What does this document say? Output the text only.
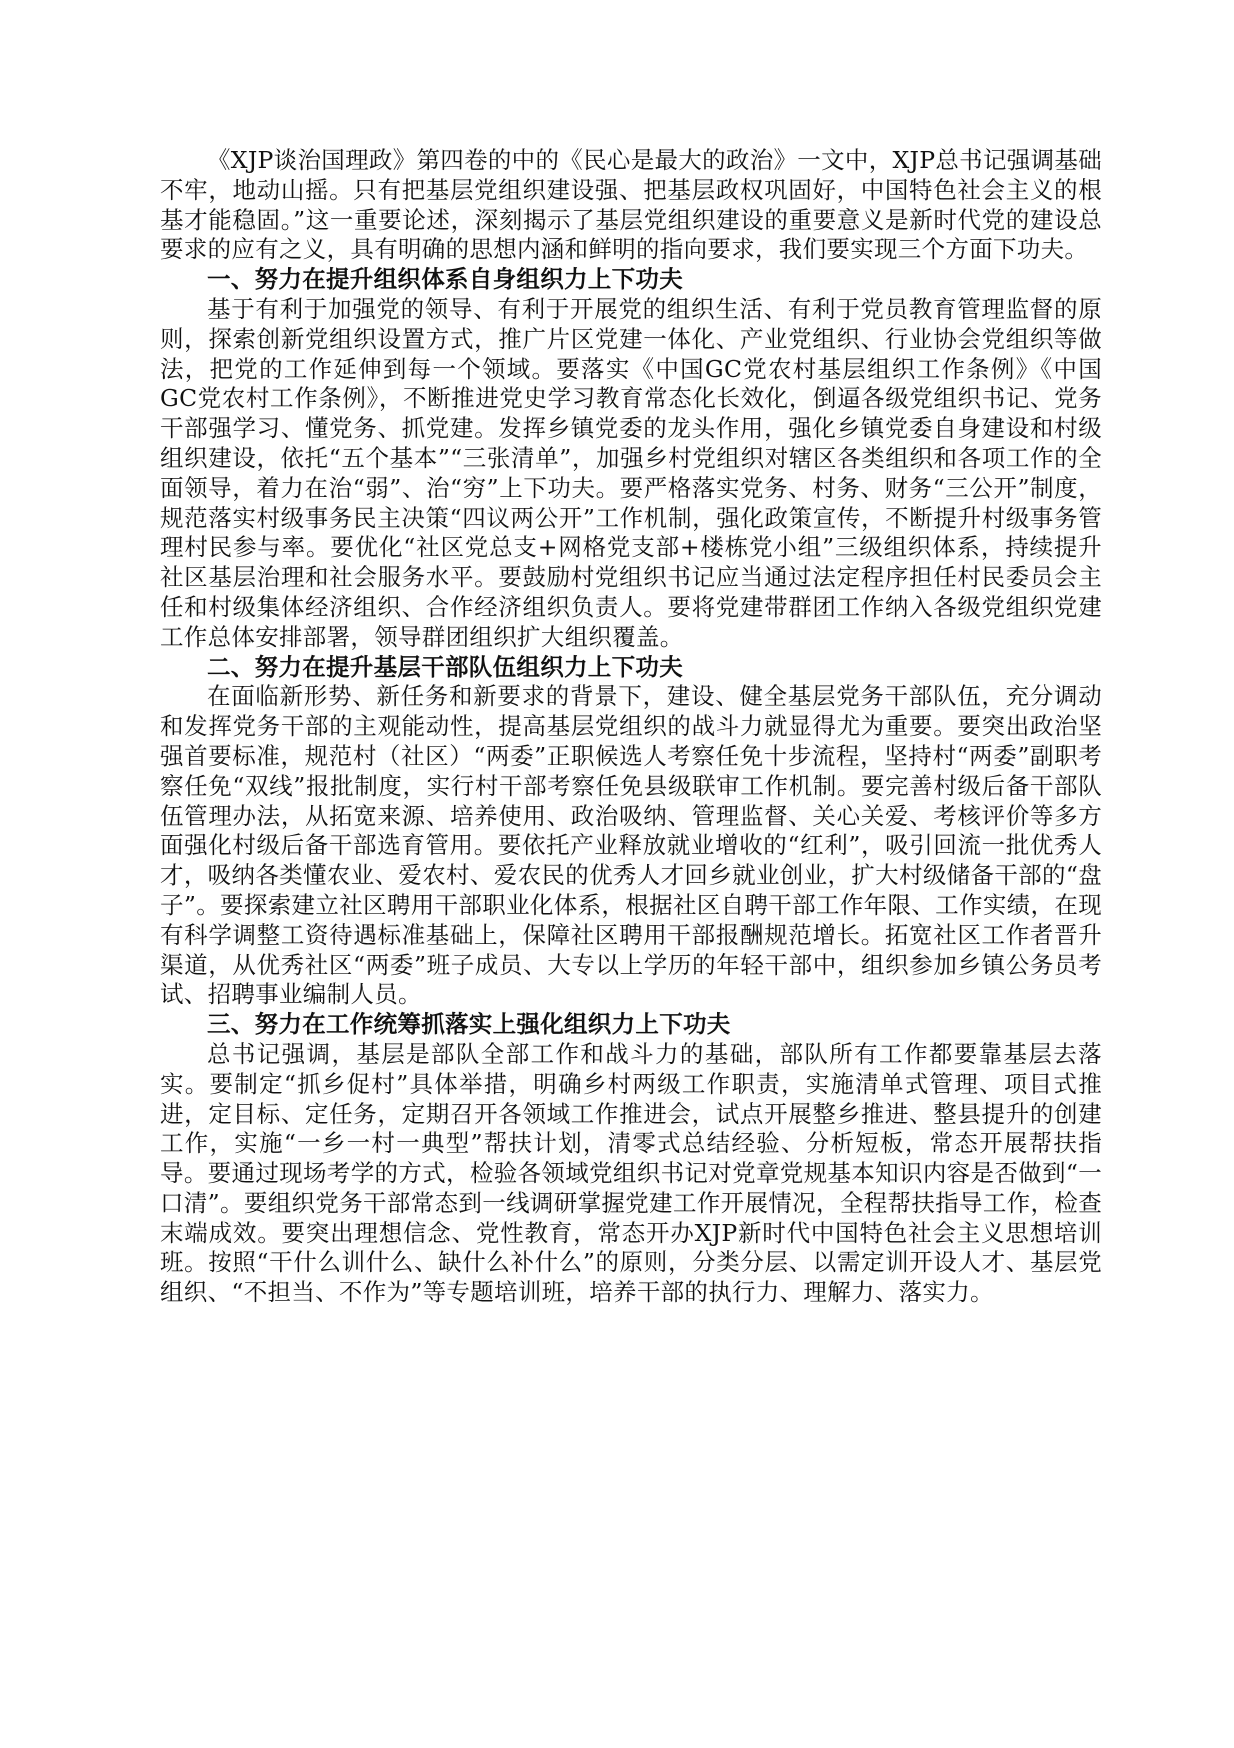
《XJP谈治国理政》第四卷的中的《民心是最大的政治》一文中，XJP总书记强调基础不牢，地动山摇。只有把基层党组织建设强、把基层政权巩固好，中国特色社会主义的根基才能稳固。”这一重要论述，深刻揭示了基层党组织建设的重要意义是新时代党的建设总要求的应有之义，具有明确的思想内涵和鲜明的指向要求，我们要实现三个方面下功夫。

一、努力在提升组织体系自身组织力上下功夫

基于有利于加强党的领导、有利于开展党的组织生活、有利于党员教育管理监督的原则，探索创新党组织设置方式，推广片区党建一体化、产业党组织、行业协会党组织等做法，把党的工作延伸到每一个领域。要落实《中国GC党农村基层组织工作条例》《中国GC党农村工作条例》，不断推进党史学习教育常态化长效化，倒逼各级党组织书记、党务干部强学习、懂党务、抓党建。发挥乡镇党委的龙头作用，强化乡镇党委自身建设和村级组织建设，依托“五个基本”“三张清单”，加强乡村党组织对辖区各类组织和各项工作的全面领导，着力在治“弱”、治“穷”上下功夫。要严格落实党务、村务、财务“三公开”制度，规范落实村级事务民主决策“四议两公开”工作机制，强化政策宣传，不断提升村级事务管理村民参与率。要优化“社区党总支+网格党支部+楼栋党小组”三级组织体系，持续提升社区基层治理和社会服务水平。要鼓励村党组织书记应当通过法定程序担任村民委员会主任和村级集体经济组织、合作经济组织负责人。要将党建带群团工作纳入各级党组织党建工作总体安排部署，领导群团组织扩大组织覆盖。

二、努力在提升基层干部队伍组织力上下功夫

在面临新形势、新任务和新要求的背景下，建设、健全基层党务干部队伍，充分调动和发挥党务干部的主观能动性，提高基层党组织的战斗力就显得尤为重要。要突出政治坚强首要标准，规范村（社区）“两委”正职候选人考察任免十步流程，坚持村“两委”副职考察任免“双线”报批制度，实行村干部考察任免县级联审工作机制。要完善村级后备干部队伍管理办法，从拓宽来源、培养使用、政治吸纳、管理监督、关心关爱、考核评价等多方面强化村级后备干部选育管用。要依托产业释放就业增收的“红利”，吸引回流一批优秀人才，吸纳各类懂农业、爱农村、爱农民的优秀人才回乡就业创业，扩大村级储备干部的“盘子”。要探索建立社区聘用干部职业化体系，根据社区自聘干部工作年限、工作实绩，在现有科学调整工资待遇标准基础上，保障社区聘用干部报酬规范增长。拓宽社区工作者晋升渠道，从优秀社区“两委”班子成员、大专以上学历的年轻干部中，组织参加乡镇公务员考试、招聘事业编制人员。

三、努力在工作统筹抓落实上强化组织力上下功夫

总书记强调，基层是部队全部工作和战斗力的基础，部队所有工作都要靠基层去落实。要制定“抓乡促村”具体举措，明确乡村两级工作职责，实施清单式管理、项目式推进，定目标、定任务，定期召开各领域工作推进会，试点开展整乡推进、整县提升的创建工作，实施“一乡一村一典型”帮扶计划，清零式总结经验、分析短板，常态开展帮扶指导。要通过现场考学的方式，检验各领域党组织书记对党章党规基本知识内容是否做到“一口清”。要组织党务干部常态到一线调研掌握党建工作开展情况，全程帮扶指导工作，检查末端成效。要突出理想信念、党性教育，常态开办XJP新时代中国特色社会主义思想培训班。按照“干什么训什么、缺什么补什么”的原则，分类分层、以需定训开设人才、基层党组织、“不担当、不作为”等专题培训班，培养干部的执行力、理解力、落实力。
